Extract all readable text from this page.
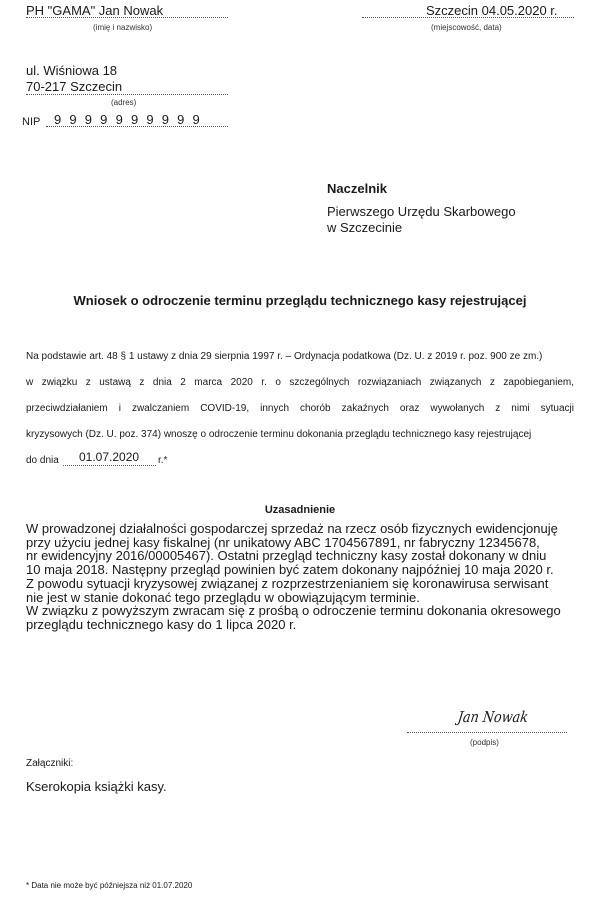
PH "GAMA" Jan Nowak
(imię i nazwisko)
Szczecin 04.05.2020 r.
(miejscowość, data)
ul. Wiśniowa 18
70-217 Szczecin
(adres)
NIP 9 9 9 9 9 9 9 9 9 9
Naczelnik
Pierwszego Urzędu Skarbowego
w Szczecinie
Wniosek o odroczenie terminu przeglądu technicznego kasy rejestrującej
Na podstawie art. 48 § 1 ustawy z dnia 29 sierpnia 1997 r. – Ordynacja podatkowa (Dz. U. z 2019 r. poz. 900 ze zm.)
w związku z ustawą z dnia 2 marca 2020 r. o szczególnych rozwiązaniach związanych z zapobieganiem,
przeciwdziałaniem i zwalczaniem COVID-19, innych chorób zakaźnych oraz wywołanych z nimi sytuacji
kryzysowych (Dz. U. poz. 374) wnoszę o odroczenie terminu dokonania przeglądu technicznego kasy rejestrującej
do dnia 01.07.2020 r.*
Uzasadnienie
W prowadzonej działalności gospodarczej sprzedaż na rzecz osób fizycznych ewidencjonuję
przy użyciu jednej kasy fiskalnej (nr unikatowy ABC 1704567891, nr fabryczny 12345678,
nr ewidencyjny 2016/00005467). Ostatni przegląd techniczny kasy został dokonany w dniu
10 maja 2018. Następny przegląd powinien być zatem dokonany najpóźniej 10 maja 2020 r.
Z powodu sytuacji kryzysowej związanej z rozprzestrzenianiem się koronawirusa serwisant
nie jest w stanie dokonać tego przeglądu w obowiązującym terminie.
W związku z powyższym zwracam się z prośbą o odroczenie terminu dokonania okresowego
przeglądu technicznego kasy do 1 lipca 2020 r.
Jan Nowak
(podpis)
Załączniki:
Kserokopia książki kasy.
* Data nie może być późniejsza niż 01.07.2020
